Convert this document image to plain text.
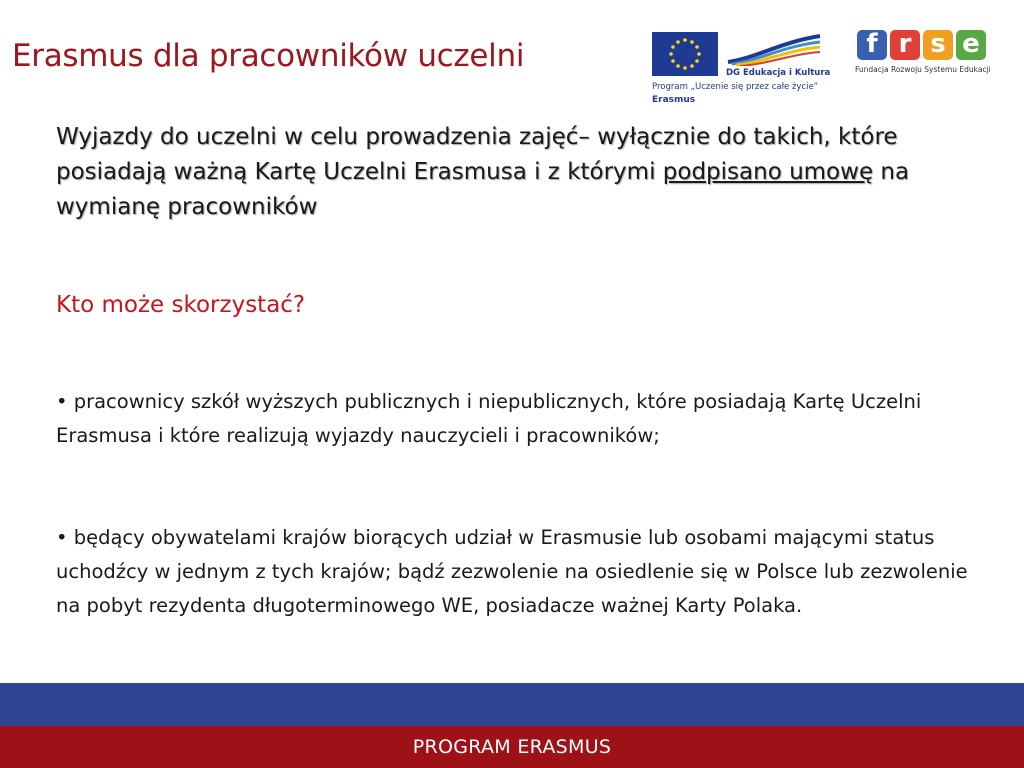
Erasmus dla pracowników uczelni	DG Edukacja i Kultura
Program „Uczenie się przez całe życie”
Erasmus
f r s e
Fundacja Rozwoju Systemu Edukacji

Wyjazdy do uczelni w celu prowadzenia zajęć– wyłącznie do takich, które posiadają ważną Kartę Uczelni Erasmusa i z którymi podpisano umowę na wymianę pracowników

Kto może skorzystać?

• pracownicy szkół wyższych publicznych i niepublicznych, które posiadają Kartę Uczelni Erasmusa i które realizują wyjazdy nauczycieli i pracowników;

• będący obywatelami krajów biorących udział w Erasmusie lub osobami mającymi status uchodźcy w jednym z tych krajów; bądź zezwolenie na osiedlenie się w Polsce lub zezwolenie na pobyt rezydenta długoterminowego WE, posiadacze ważnej Karty Polaka.

PROGRAM ERASMUS
